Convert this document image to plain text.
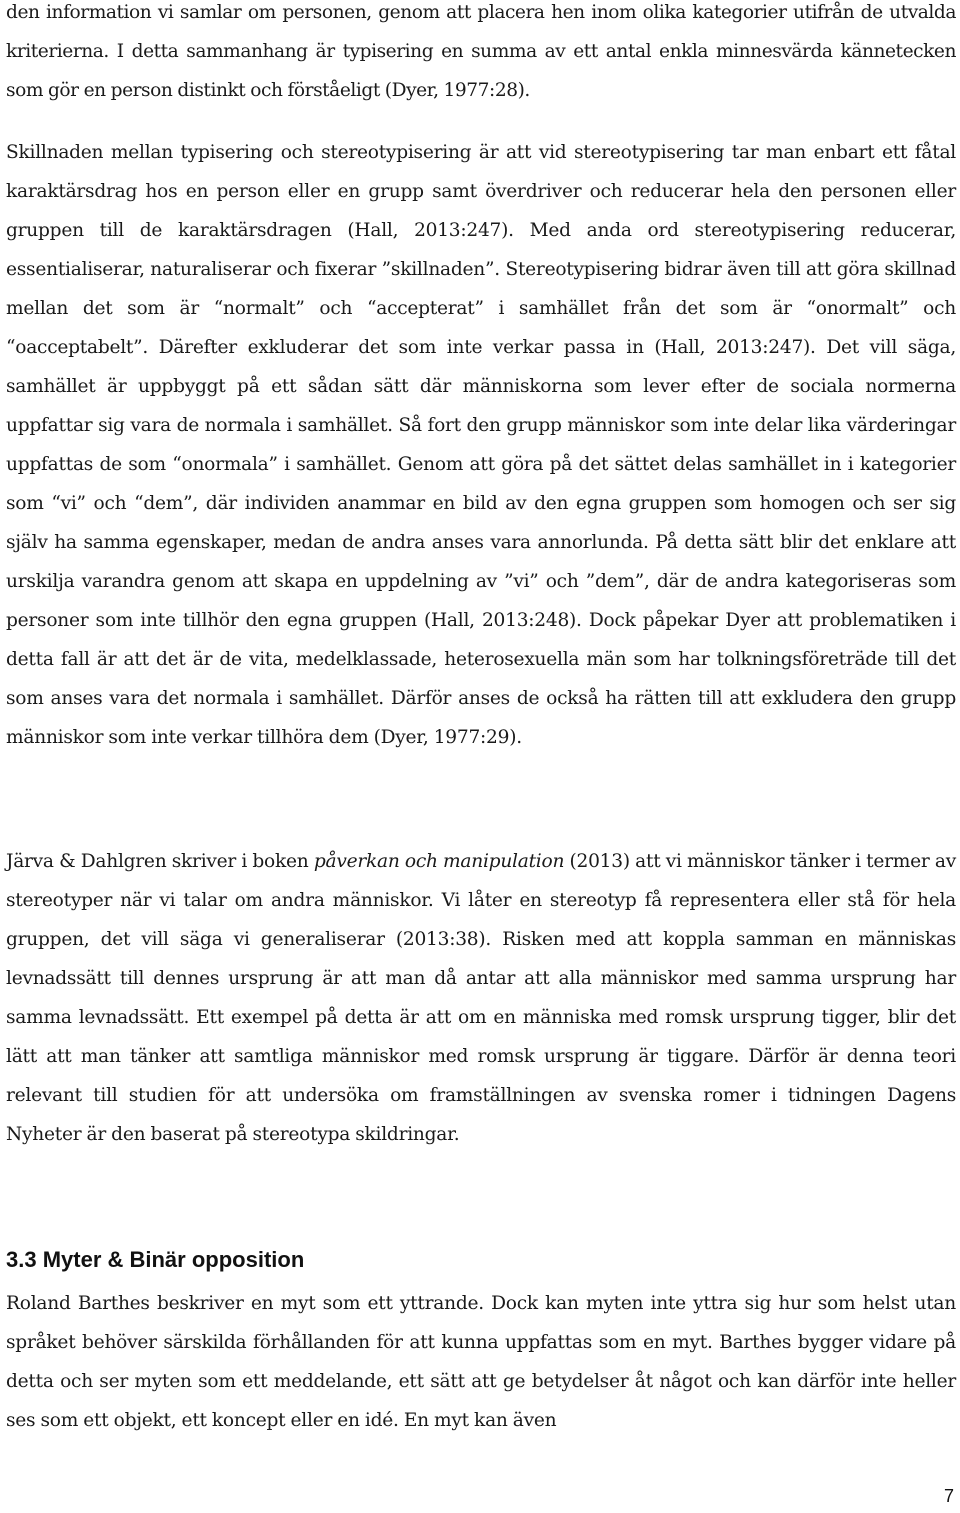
den information vi samlar om personen, genom att placera hen inom olika kategorier utifrån de utvalda kriterierna. I detta sammanhang är typisering en summa av ett antal enkla minnesvärda kännetecken som gör en person distinkt och förståeligt (Dyer, 1977:28).

Skillnaden mellan typisering och stereotypisering är att vid stereotypisering tar man enbart ett fåtal karaktärsdrag hos en person eller en grupp samt överdriver och reducerar hela den personen eller gruppen till de karaktärsdragen (Hall, 2013:247). Med anda ord stereotypisering reducerar, essentialiserar, naturaliserar och fixerar ”skillnaden”. Stereotypisering bidrar även till att göra skillnad mellan det som är “normalt” och “accepterat” i samhället från det som är “onormalt” och “oacceptabelt”. Därefter exkluderar det som inte verkar passa in (Hall, 2013:247). Det vill säga, samhället är uppbyggt på ett sådan sätt där människorna som lever efter de sociala normerna uppfattar sig vara de normala i samhället. Så fort den grupp människor som inte delar lika värderingar uppfattas de som “onormala” i samhället. Genom att göra på det sättet delas samhället in i kategorier som “vi” och “dem”, där individen anammar en bild av den egna gruppen som homogen och ser sig själv ha samma egenskaper, medan de andra anses vara annorlunda. På detta sätt blir det enklare att urskilja varandra genom att skapa en uppdelning av ”vi” och ”dem”, där de andra kategoriseras som personer som inte tillhör den egna gruppen (Hall, 2013:248). Dock påpekar Dyer att problematiken i detta fall är att det är de vita, medelklassade, heterosexuella män som har tolkningsföreträde till det som anses vara det normala i samhället. Därför anses de också ha rätten till att exkludera den grupp människor som inte verkar tillhöra dem (Dyer, 1977:29).

Järva & Dahlgren skriver i boken påverkan och manipulation (2013) att vi människor tänker i termer av stereotyper när vi talar om andra människor. Vi låter en stereotyp få representera eller stå för hela gruppen, det vill säga vi generaliserar (2013:38). Risken med att koppla samman en människas levnadssätt till dennes ursprung är att man då antar att alla människor med samma ursprung har samma levnadssätt. Ett exempel på detta är att om en människa med romsk ursprung tigger, blir det lätt att man tänker att samtliga människor med romsk ursprung är tiggare. Därför är denna teori relevant till studien för att undersöka om framställningen av svenska romer i tidningen Dagens Nyheter är den baserat på stereotypa skildringar.

3.3 Myter & Binär opposition

Roland Barthes beskriver en myt som ett yttrande. Dock kan myten inte yttra sig hur som helst utan språket behöver särskilda förhållanden för att kunna uppfattas som en myt. Barthes bygger vidare på detta och ser myten som ett meddelande, ett sätt att ge betydelser åt något och kan därför inte heller ses som ett objekt, ett koncept eller en idé. En myt kan även

7
